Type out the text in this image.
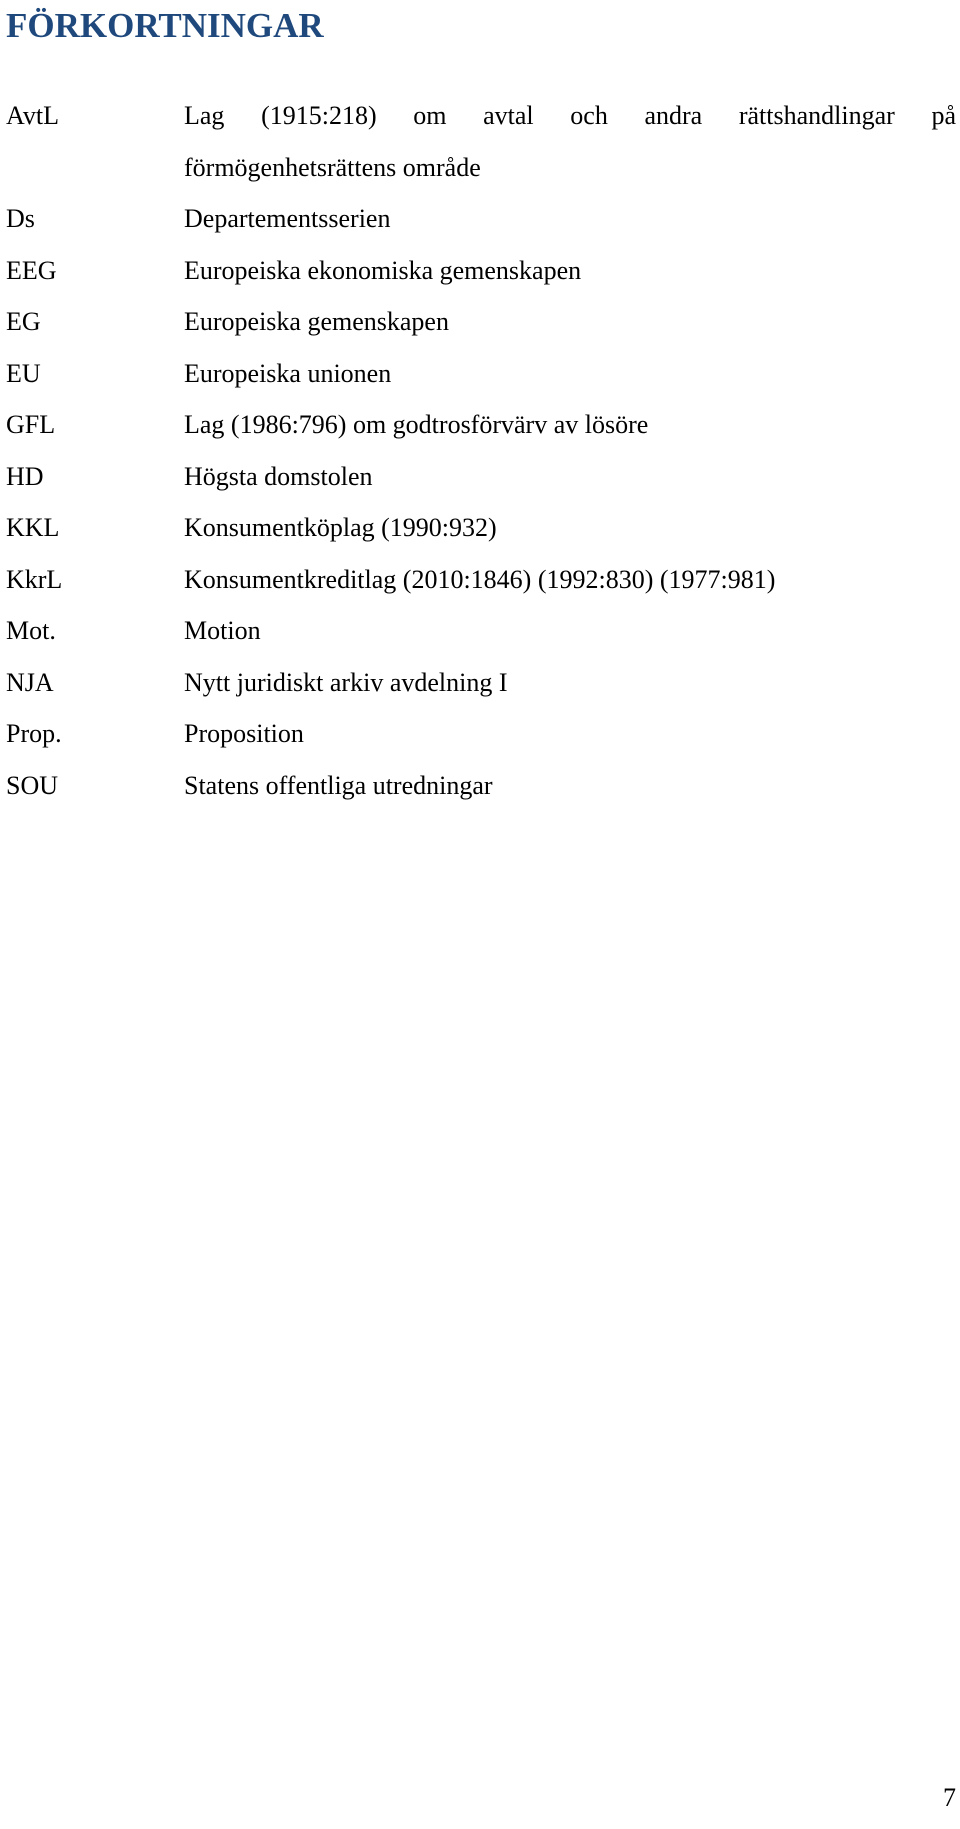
FÖRKORTNINGAR
AvtL	Lag (1915:218) om avtal och andra rättshandlingar på
förmögenhetsrättens område
Ds	Departementsserien
EEG	Europeiska ekonomiska gemenskapen
EG	Europeiska gemenskapen
EU	Europeiska unionen
GFL	Lag (1986:796) om godtrosförvärv av lösöre
HD	Högsta domstolen
KKL	Konsumentköplag (1990:932)
KkrL	Konsumentkreditlag (2010:1846) (1992:830) (1977:981)
Mot.	Motion
NJA	Nytt juridiskt arkiv avdelning I
Prop.	Proposition
SOU	Statens offentliga utredningar
7
